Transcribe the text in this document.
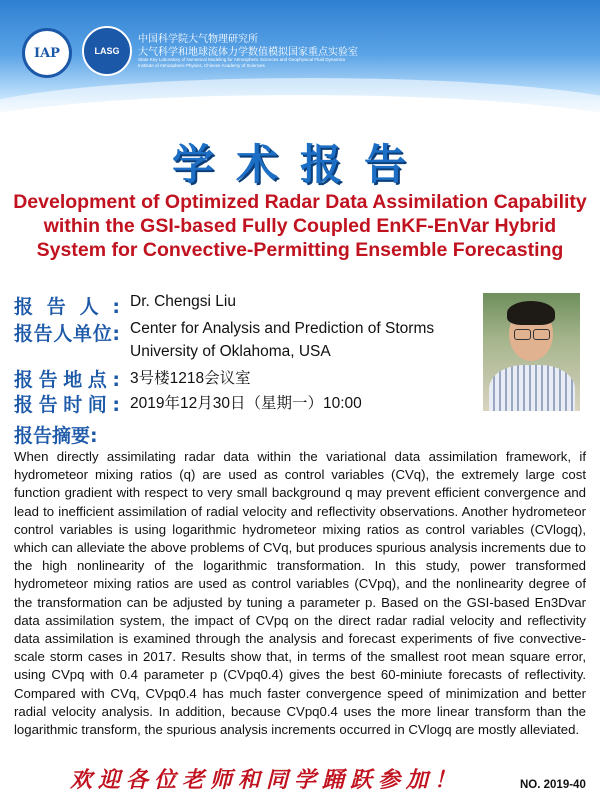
IAP	LASG
中国科学院大气物理研究所
大气科学和地球流体力学数值模拟国家重点实验室
State Key Laboratory of Numerical Modeling for Atmospheric Sciences and Geophysical Fluid Dynamics
Institute of Atmospheric Physics, Chinese Academy of Sciences
学术报告
Development of Optimized Radar Data Assimilation Capability within the GSI-based Fully Coupled EnKF-EnVar Hybrid System for Convective-Permitting Ensemble Forecasting
报告人: Dr. Chengsi Liu
报告人单位: Center for Analysis and Prediction of Storms
University of Oklahoma, USA
报告地点: 3号楼1218会议室
报告时间: 2019年12月30日（星期一）10:00
报告摘要:
When directly assimilating radar data within the variational data assimilation framework, if hydrometeor mixing ratios (q) are used as control variables (CVq), the extremely large cost function gradient with respect to very small background q may prevent efficient convergence and lead to inefficient assimilation of radial velocity and reflectivity observations. Another hydrometeor control variables is using logarithmic hydrometeor mixing ratios as control variables (CVlogq), which can alleviate the above problems of CVq, but produces spurious analysis increments due to the high nonlinearity of the logarithmic transformation. In this study, power transformed hydrometeor mixing ratios are used as control variables (CVpq), and the nonlinearity degree of the transformation can be adjusted by tuning a parameter p. Based on the GSI-based En3Dvar data assimilation system, the impact of CVpq on the direct radar radial velocity and reflectivity data assimilation is examined through the analysis and forecast experiments of five convective-scale storm cases in 2017. Results show that, in terms of the smallest root mean square error, using CVpq with 0.4 parameter p (CVpq0.4) gives the best 60-miniute forecasts of reflectivity. Compared with CVq, CVpq0.4 has much faster convergence speed of minimization and better radial velocity analysis. In addition, because CVpq0.4 uses the more linear transform than the logarithmic transform, the spurious analysis increments occurred in CVlogq are mostly alleviated.
欢迎各位老师和同学踊跃参加！	NO. 2019-40
